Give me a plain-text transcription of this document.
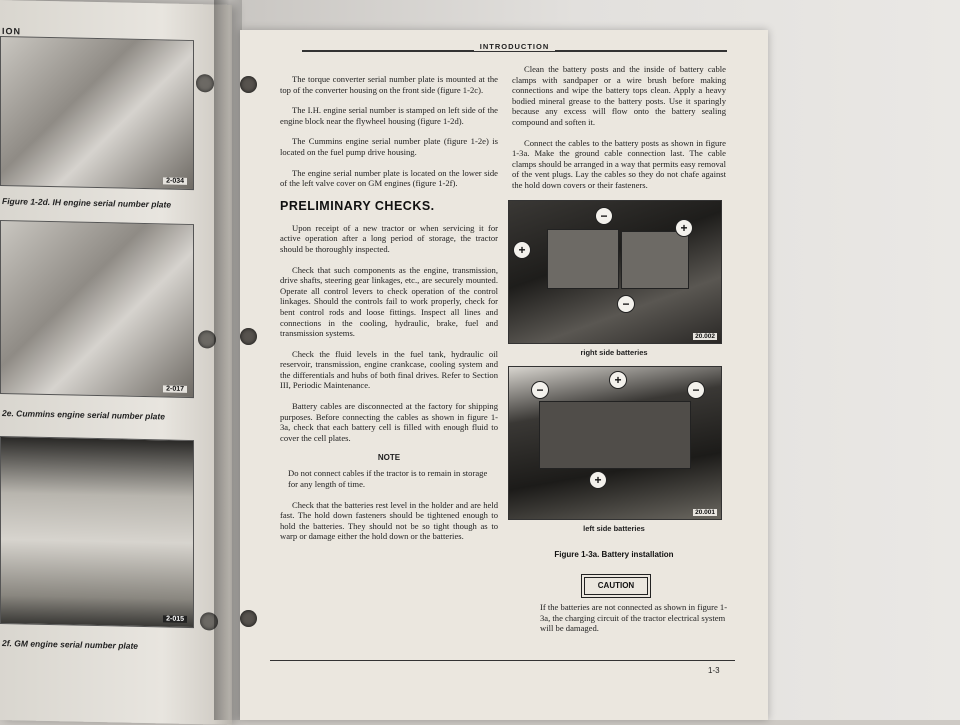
ION
2-034
Figure 1-2d. IH engine serial number plate
2-017
2e. Cummins engine serial number plate
2-015
2f. GM engine serial number plate
INTRODUCTION

The torque converter serial number plate is mounted at the top of the converter housing on the front side (figure 1-2c).

The I.H. engine serial number is stamped on left side of the engine block near the flywheel housing (figure 1-2d).

The Cummins engine serial number plate (figure 1-2e) is located on the fuel pump drive housing.

The engine serial number plate is located on the lower side of the left valve cover on GM engines (figure 1-2f).

PRELIMINARY CHECKS.

Upon receipt of a new tractor or when servicing it for active operation after a long period of storage, the tractor should be thoroughly inspected.

Check that such components as the engine, transmission, drive shafts, steering gear linkages, etc., are securely mounted. Operate all control levers to check operation of the control linkages. Should the controls fail to work properly, check for bent control rods and loose fittings. Inspect all lines and connections in the cooling, hydraulic, brake, fuel and transmission systems.

Check the fluid levels in the fuel tank, hydraulic oil reservoir, transmission, engine crankcase, cooling system and the differentials and hubs of both final drives. Refer to Section III, Periodic Maintenance.

Battery cables are disconnected at the factory for shipping purposes. Before connecting the cables as shown in figure 1-3a, check that each battery cell is filled with enough fluid to cover the cell plates.

NOTE

Do not connect cables if the tractor is to remain in storage for any length of time.

Check that the batteries rest level in the holder and are held fast. The hold down fasteners should be tightened enough to hold the batteries. They should not be so tight though as to warp or damage either the hold down or the batteries.

Clean the battery posts and the inside of battery cable clamps with sandpaper or a wire brush before making connections and wipe the battery tops clean. Apply a heavy bodied mineral grease to the battery posts. Use it sparingly because any excess will flow onto the battery sealing compound and soften it.

Connect the cables to the battery posts as shown in figure 1-3a. Make the ground cable connection last. The cable clamps should be arranged in a way that permits easy removal of the vent plugs. Lay the cables so they do not chafe against the hold down covers or their fasteners.

−
+
+
−
20.002
right side batteries
−
+
−
+
20.001
left side batteries
Figure 1-3a. Battery installation
CAUTION
If the batteries are not connected as shown in figure 1-3a, the charging circuit of the tractor electrical system will be damaged.
1-3
